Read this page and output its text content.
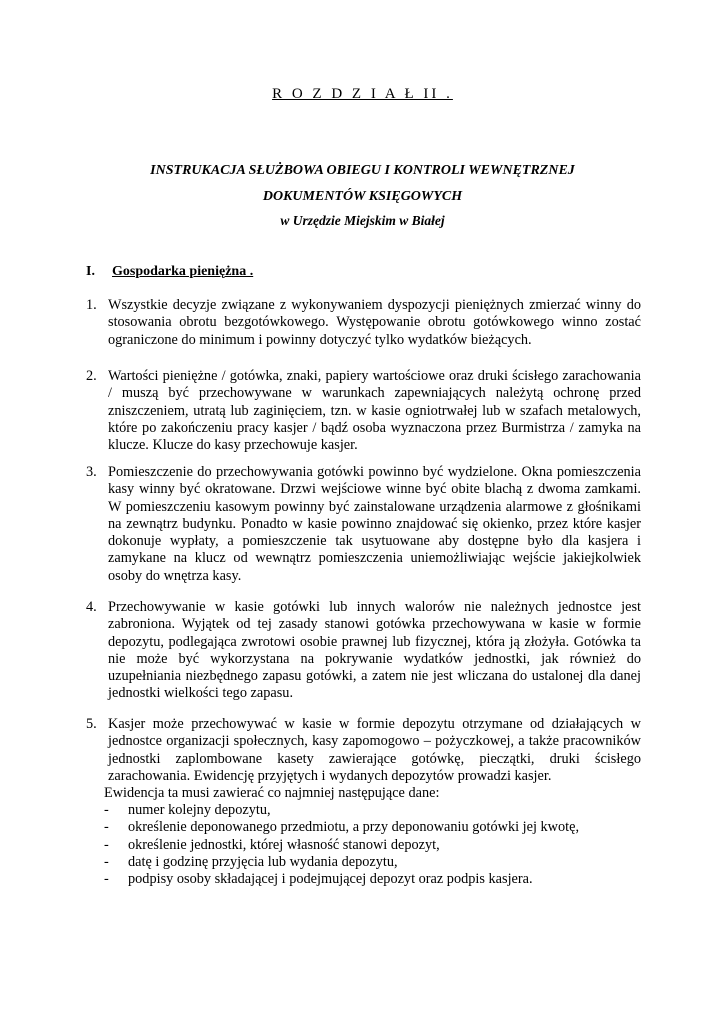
R O Z D Z I A Ł II .
INSTRUKACJA SŁUŻBOWA OBIEGU I KONTROLI WEWNĘTRZNEJ
DOKUMENTÓW KSIĘGOWYCH
w Urzędzie Miejskim w Białej
I. Gospodarka pieniężna .
1. Wszystkie decyzje związane z wykonywaniem dyspozycji pieniężnych zmierzać winny do stosowania obrotu bezgotówkowego. Występowanie obrotu gotówkowego winno zostać ograniczone do minimum i powinny dotyczyć tylko wydatków bieżących.
2. Wartości pieniężne / gotówka, znaki, papiery wartościowe oraz druki ścisłego zarachowania / muszą być przechowywane w warunkach zapewniających należytą ochronę przed zniszczeniem, utratą lub zaginięciem, tzn. w kasie ogniotrwałej lub w szafach metalowych, które po zakończeniu pracy kasjer / bądź osoba wyznaczona przez Burmistrza / zamyka na klucze. Klucze do kasy przechowuje kasjer.
3. Pomieszczenie do przechowywania gotówki powinno być wydzielone. Okna pomieszczenia kasy winny być okratowane. Drzwi wejściowe winne być obite blachą z dwoma zamkami. W pomieszczeniu kasowym powinny być zainstalowane urządzenia alarmowe z głośnikami na zewnątrz budynku. Ponadto w kasie powinno znajdować się okienko, przez które kasjer dokonuje wypłaty, a pomieszczenie tak usytuowane aby dostępne było dla kasjera i zamykane na klucz od wewnątrz pomieszczenia uniemożliwiając wejście jakiejkolwiek osoby do wnętrza kasy.
4. Przechowywanie w kasie gotówki lub innych walorów nie należnych jednostce jest zabroniona. Wyjątek od tej zasady stanowi gotówka przechowywana w kasie w formie depozytu, podlegająca zwrotowi osobie prawnej lub fizycznej, która ją złożyła. Gotówka ta nie może być wykorzystana na pokrywanie wydatków jednostki, jak również do uzupełniania niezbędnego zapasu gotówki, a zatem nie jest wliczana do ustalonej dla danej jednostki wielkości tego zapasu.
5. Kasjer może przechowywać w kasie w formie depozytu otrzymane od działających w jednostce organizacji społecznych, kasy zapomogowo – pożyczkowej, a także pracowników jednostki zaplombowane kasety zawierające gotówkę, pieczątki, druki ścisłego zarachowania. Ewidencję przyjętych i wydanych depozytów prowadzi kasjer.
Ewidencja ta musi zawierać co najmniej następujące dane:
- numer kolejny depozytu,
- określenie deponowanego przedmiotu, a przy deponowaniu gotówki jej kwotę,
- określenie jednostki, której własność stanowi depozyt,
- datę i godzinę przyjęcia lub wydania depozytu,
- podpisy osoby składającej i podejmującej depozyt oraz podpis kasjera.
